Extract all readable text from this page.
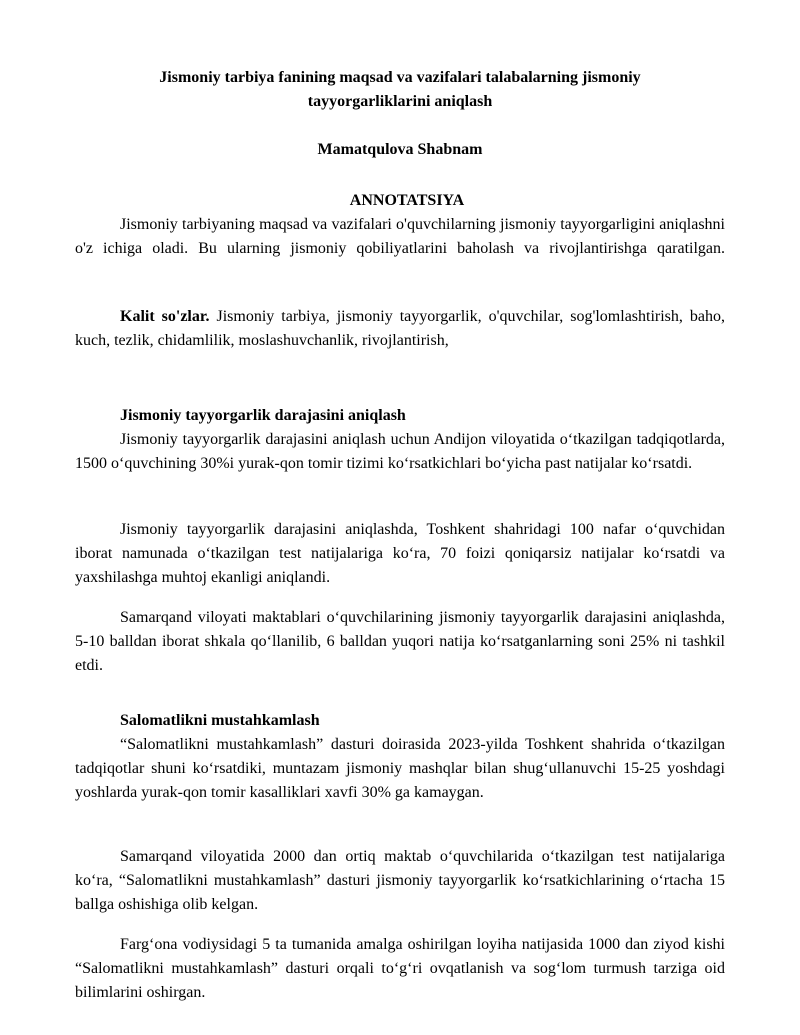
Jismoniy tarbiya fanining maqsad va vazifalari talabalarning jismoniy
tayyorgarliklarini aniqlash
Mamatqulova Shabnam
ANNOTATSIYA

Jismoniy tarbiyaning maqsad va vazifalari o'quvchilarning jismoniy tayyorgarligini aniqlashni o'z ichiga oladi. Bu ularning jismoniy qobiliyatlarini baholash va rivojlantirishga qaratilgan.

Kalit so'zlar. Jismoniy tarbiya, jismoniy tayyorgarlik, o'quvchilar, sog'lomlashtirish, baho, kuch, tezlik, chidamlilik, moslashuvchanlik, rivojlantirish,

Jismoniy tayyorgarlik darajasini aniqlash

Jismoniy tayyorgarlik darajasini aniqlash uchun Andijon viloyatida o‘tkazilgan tadqiqotlarda, 1500 o‘quvchining 30%i yurak-qon tomir tizimi ko‘rsatkichlari bo‘yicha past natijalar ko‘rsatdi.

Jismoniy tayyorgarlik darajasini aniqlashda, Toshkent shahridagi 100 nafar o‘quvchidan iborat namunada o‘tkazilgan test natijalariga ko‘ra, 70 foizi qoniqarsiz natijalar ko‘rsatdi va yaxshilashga muhtoj ekanligi aniqlandi.

Samarqand viloyati maktablari o‘quvchilarining jismoniy tayyorgarlik darajasini aniqlashda, 5-10 balldan iborat shkala qo‘llanilib, 6 balldan yuqori natija ko‘rsatganlarning soni 25% ni tashkil etdi.

Salomatlikni mustahkamlash

“Salomatlikni mustahkamlash” dasturi doirasida 2023-yilda Toshkent shahrida o‘tkazilgan tadqiqotlar shuni ko‘rsatdiki, muntazam jismoniy mashqlar bilan shug‘ullanuvchi 15-25 yoshdagi yoshlarda yurak-qon tomir kasalliklari xavfi 30% ga kamaygan.

Samarqand viloyatida 2000 dan ortiq maktab o‘quvchilarida o‘tkazilgan test natijalariga ko‘ra, “Salomatlikni mustahkamlash” dasturi jismoniy tayyorgarlik ko‘rsatkichlarining o‘rtacha 15 ballga oshishiga olib kelgan.

Farg‘ona vodiysidagi 5 ta tumanida amalga oshirilgan loyiha natijasida 1000 dan ziyod kishi “Salomatlikni mustahkamlash” dasturi orqali to‘g‘ri ovqatlanish va sog‘lom turmush tarziga oid bilimlarini oshirgan.
